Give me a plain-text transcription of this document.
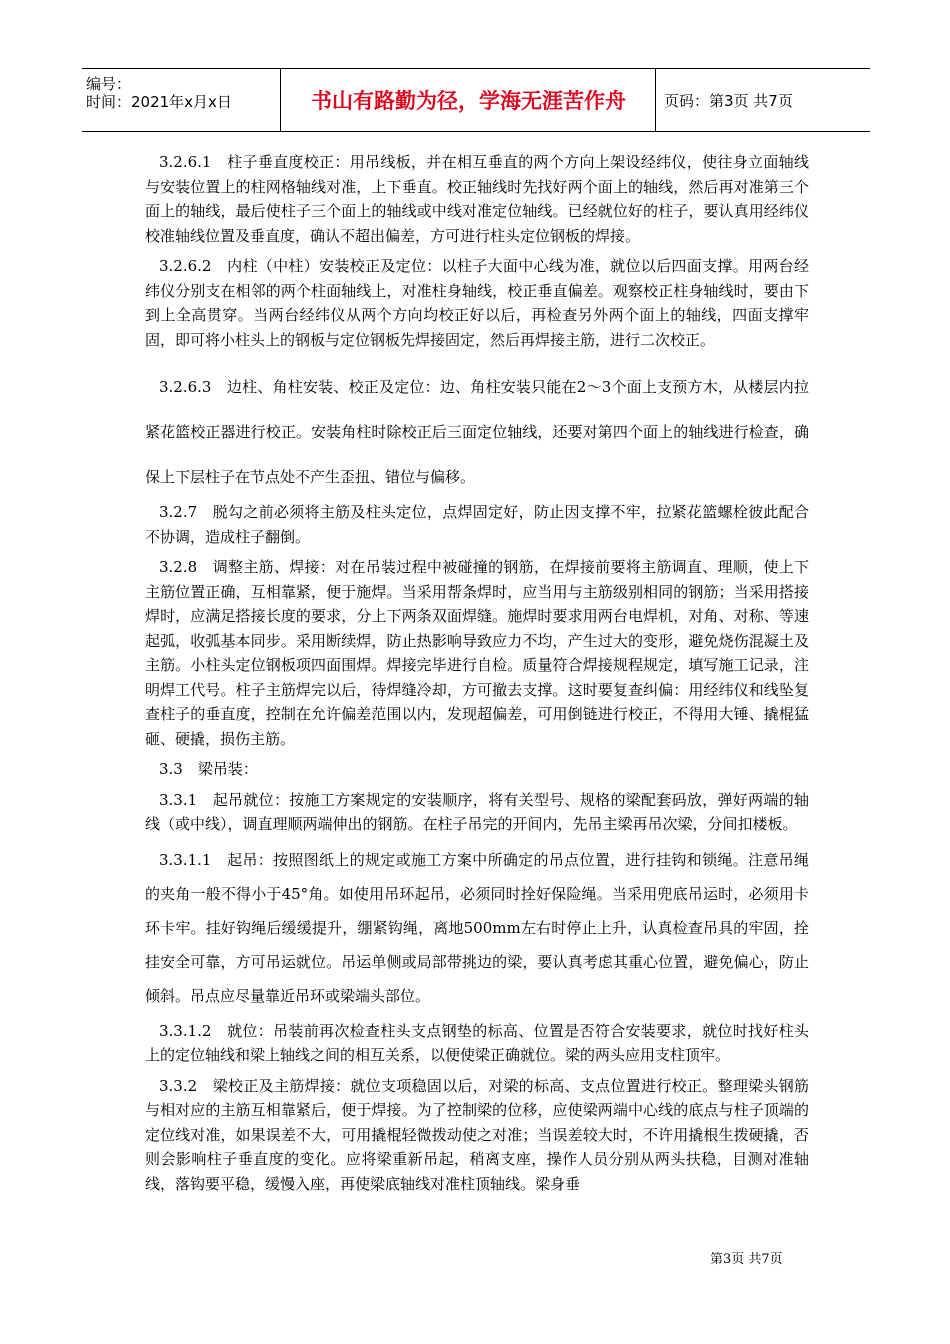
编号：
时间：2021年x月x日	书山有路勤为径，学海无涯苦作舟	页码：第3页 共7页

3.2.6.1　柱子垂直度校正：用吊线板，并在相互垂直的两个方向上架设经纬仪，使往身立面轴线与安装位置上的柱网格轴线对准，上下垂直。校正轴线时先找好两个面上的轴线，然后再对准第三个面上的轴线，最后使柱子三个面上的轴线或中线对准定位轴线。已经就位好的柱子，要认真用经纬仪校准轴线位置及垂直度，确认不超出偏差，方可进行柱头定位钢板的焊接。

3.2.6.2　内柱（中柱）安装校正及定位：以柱子大面中心线为准，就位以后四面支撑。用两台经纬仪分别支在相邻的两个柱面轴线上，对准柱身轴线，校正垂直偏差。观察校正柱身轴线时，要由下到上全高贯穿。当两台经纬仪从两个方向均校正好以后，再检查另外两个面上的轴线，四面支撑牢固，即可将小柱头上的钢板与定位钢板先焊接固定，然后再焊接主筋，进行二次校正。

3.2.6.3　边柱、角柱安装、校正及定位：边、角柱安装只能在2～3个面上支预方木，从楼层内拉紧花篮校正器进行校正。安装角柱时除校正后三面定位轴线，还要对第四个面上的轴线进行检查，确保上下层柱子在节点处不产生歪扭、错位与偏移。

3.2.7　脱勾之前必须将主筋及柱头定位，点焊固定好，防止因支撑不牢，拉紧花篮螺栓彼此配合不协调，造成柱子翻倒。

3.2.8　调整主筋、焊接：对在吊装过程中被碰撞的钢筋，在焊接前要将主筋调直、理顺，使上下主筋位置正确，互相靠紧，便于施焊。当采用帮条焊时，应当用与主筋级别相同的钢筋；当采用搭接焊时，应满足搭接长度的要求，分上下两条双面焊缝。施焊时要求用两台电焊机，对角、对称、等速起弧，收弧基本同步。采用断续焊，防止热影响导致应力不均，产生过大的变形，避免烧伤混凝土及主筋。小柱头定位钢板项四面围焊。焊接完毕进行自检。质量符合焊接规程规定，填写施工记录，注明焊工代号。柱子主筋焊完以后，待焊缝冷却，方可撤去支撑。这时要复查纠偏：用经纬仪和线坠复查柱子的垂直度，控制在允许偏差范围以内，发现超偏差，可用倒链进行校正，不得用大锤、撬棍猛砸、硬撬，损伤主筋。

3.3　梁吊装：

3.3.1　起吊就位：按施工方案规定的安装顺序，将有关型号、规格的梁配套码放，弹好两端的轴线（或中线），调直理顺两端伸出的钢筋。在柱子吊完的开间内，先吊主梁再吊次梁，分间扣楼板。

3.3.1.1　起吊：按照图纸上的规定或施工方案中所确定的吊点位置，进行挂钩和锁绳。注意吊绳的夹角一般不得小于45°角。如使用吊环起吊，必须同时拴好保险绳。当采用兜底吊运时，必须用卡环卡牢。挂好钩绳后缓缓提升，绷紧钩绳，离地500mm左右时停止上升，认真检查吊具的牢固，拴挂安全可靠，方可吊运就位。吊运单侧或局部带挑边的梁，要认真考虑其重心位置，避免偏心，防止倾斜。吊点应尽量靠近吊环或梁端头部位。

3.3.1.2　就位：吊装前再次检查柱头支点钢垫的标高、位置是否符合安装要求，就位时找好柱头上的定位轴线和梁上轴线之间的相互关系，以便使梁正确就位。梁的两头应用支柱顶牢。

3.3.2　梁校正及主筋焊接：就位支项稳固以后，对梁的标高、支点位置进行校正。整理梁头钢筋与相对应的主筋互相靠紧后，便于焊接。为了控制梁的位移，应使梁两端中心线的底点与柱子顶端的定位线对准，如果误差不大，可用撬棍轻微拨动使之对准；当误差较大时，不许用撬根生拨硬撬，否则会影响柱子垂直度的变化。应将梁重新吊起，稍离支座，操作人员分别从两头扶稳，目测对准轴线，落钩要平稳，缓慢入座，再使梁底轴线对准柱顶轴线。梁身垂

第3页 共7页
